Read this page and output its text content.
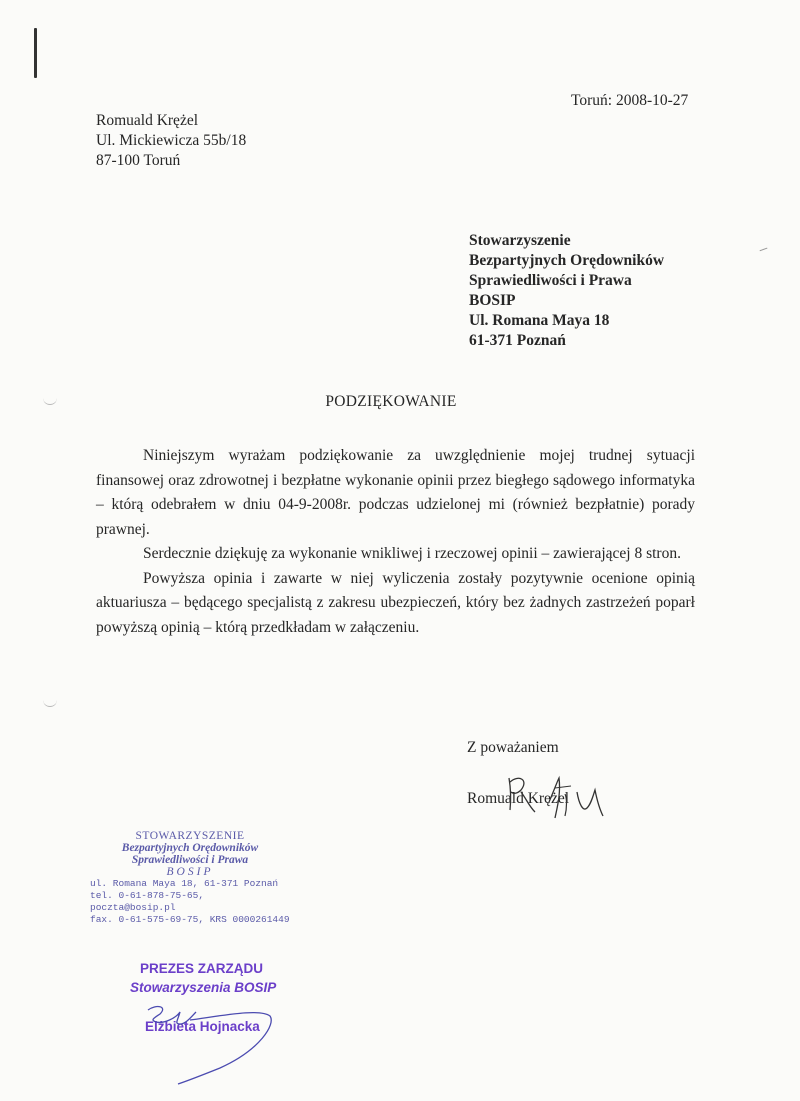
Toruń: 2008-10-27
Romuald Krężel
Ul. Mickiewicza 55b/18
87-100 Toruń
Stowarzyszenie
Bezpartyjnych Orędowników
Sprawiedliwości i Prawa
BOSIP
Ul. Romana Maya 18
61-371 Poznań
PODZIĘKOWANIE

Niniejszym wyrażam podziękowanie za uwzględnienie mojej trudnej sytuacji finansowej oraz zdrowotnej i bezpłatne wykonanie opinii przez biegłego sądowego informatyka – którą odebrałem w dniu 04-9-2008r. podczas udzielonej mi (również bezpłatnie) porady prawnej.

Serdecznie dziękuję za wykonanie wnikliwej i rzeczowej opinii – zawierającej 8 stron.

Powyższa opinia i zawarte w niej wyliczenia zostały pozytywnie ocenione opinią aktuariusza – będącego specjalistą z zakresu ubezpieczeń, który bez żadnych zastrzeżeń poparł powyższą opinią – którą przedkładam w załączeniu.

Z poważaniem
Romuald Krężel
STOWARZYSZENIE
Bezpartyjnych Orędowników
Sprawiedliwości i Prawa
BOSIP
ul. Romana Maya 18, 61-371 Poznań
tel. 0-61-878-75-65, poczta@bosip.pl
fax. 0-61-575-69-75, KRS 0000261449
PREZES ZARZĄDU
Stowarzyszenia BOSIP
Elżbieta Hojnacka
